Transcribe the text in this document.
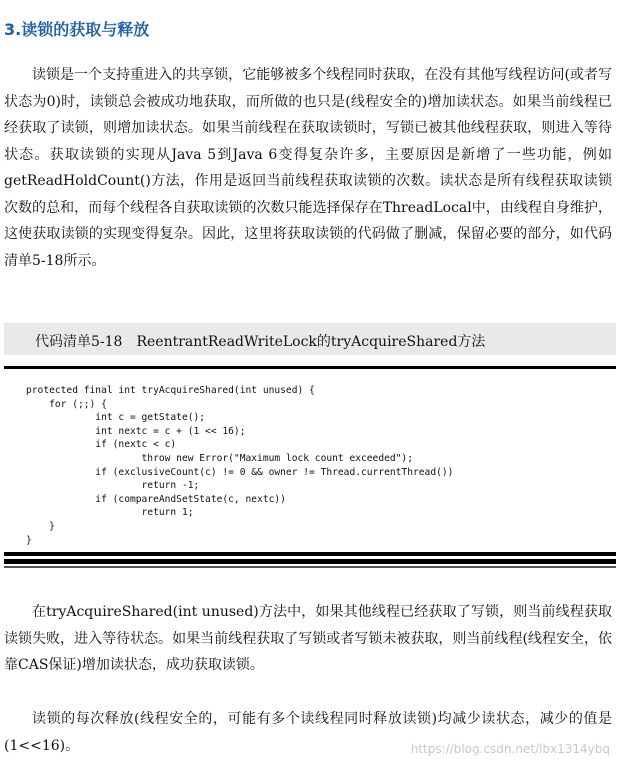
3.读锁的获取与释放

读锁是一个支持重进入的共享锁，它能够被多个线程同时获取，在没有其他写线程访问(或者写状态为0)时，读锁总会被成功地获取，而所做的也只是(线程安全的)增加读状态。如果当前线程已经获取了读锁，则增加读状态。如果当前线程在获取读锁时，写锁已被其他线程获取，则进入等待状态。获取读锁的实现从Java 5到Java 6变得复杂许多，主要原因是新增了一些功能，例如getReadHoldCount()方法，作用是返回当前线程获取读锁的次数。读状态是所有线程获取读锁次数的总和，而每个线程各自获取读锁的次数只能选择保存在ThreadLocal中，由线程自身维护，这使获取读锁的实现变得复杂。因此，这里将获取读锁的代码做了删减，保留必要的部分，如代码清单5-18所示。

代码清单5-18　ReentrantReadWriteLock的tryAcquireShared方法
protected final int tryAcquireShared(int unused) {
for (;;) {
int c = getState();
int nextc = c + (1 << 16);
if (nextc < c)
throw new Error("Maximum lock count exceeded");
if (exclusiveCount(c) != 0 && owner != Thread.currentThread())
return -1;
if (compareAndSetState(c, nextc))
return 1;
}
}

在tryAcquireShared(int unused)方法中，如果其他线程已经获取了写锁，则当前线程获取读锁失败，进入等待状态。如果当前线程获取了写锁或者写锁未被获取，则当前线程(线程安全，依靠CAS保证)增加读状态，成功获取读锁。

读锁的每次释放(线程安全的，可能有多个读线程同时释放读锁)均减少读状态，减少的值是(1<<16)。	https://blog.csdn.net/lbx1314ybq
